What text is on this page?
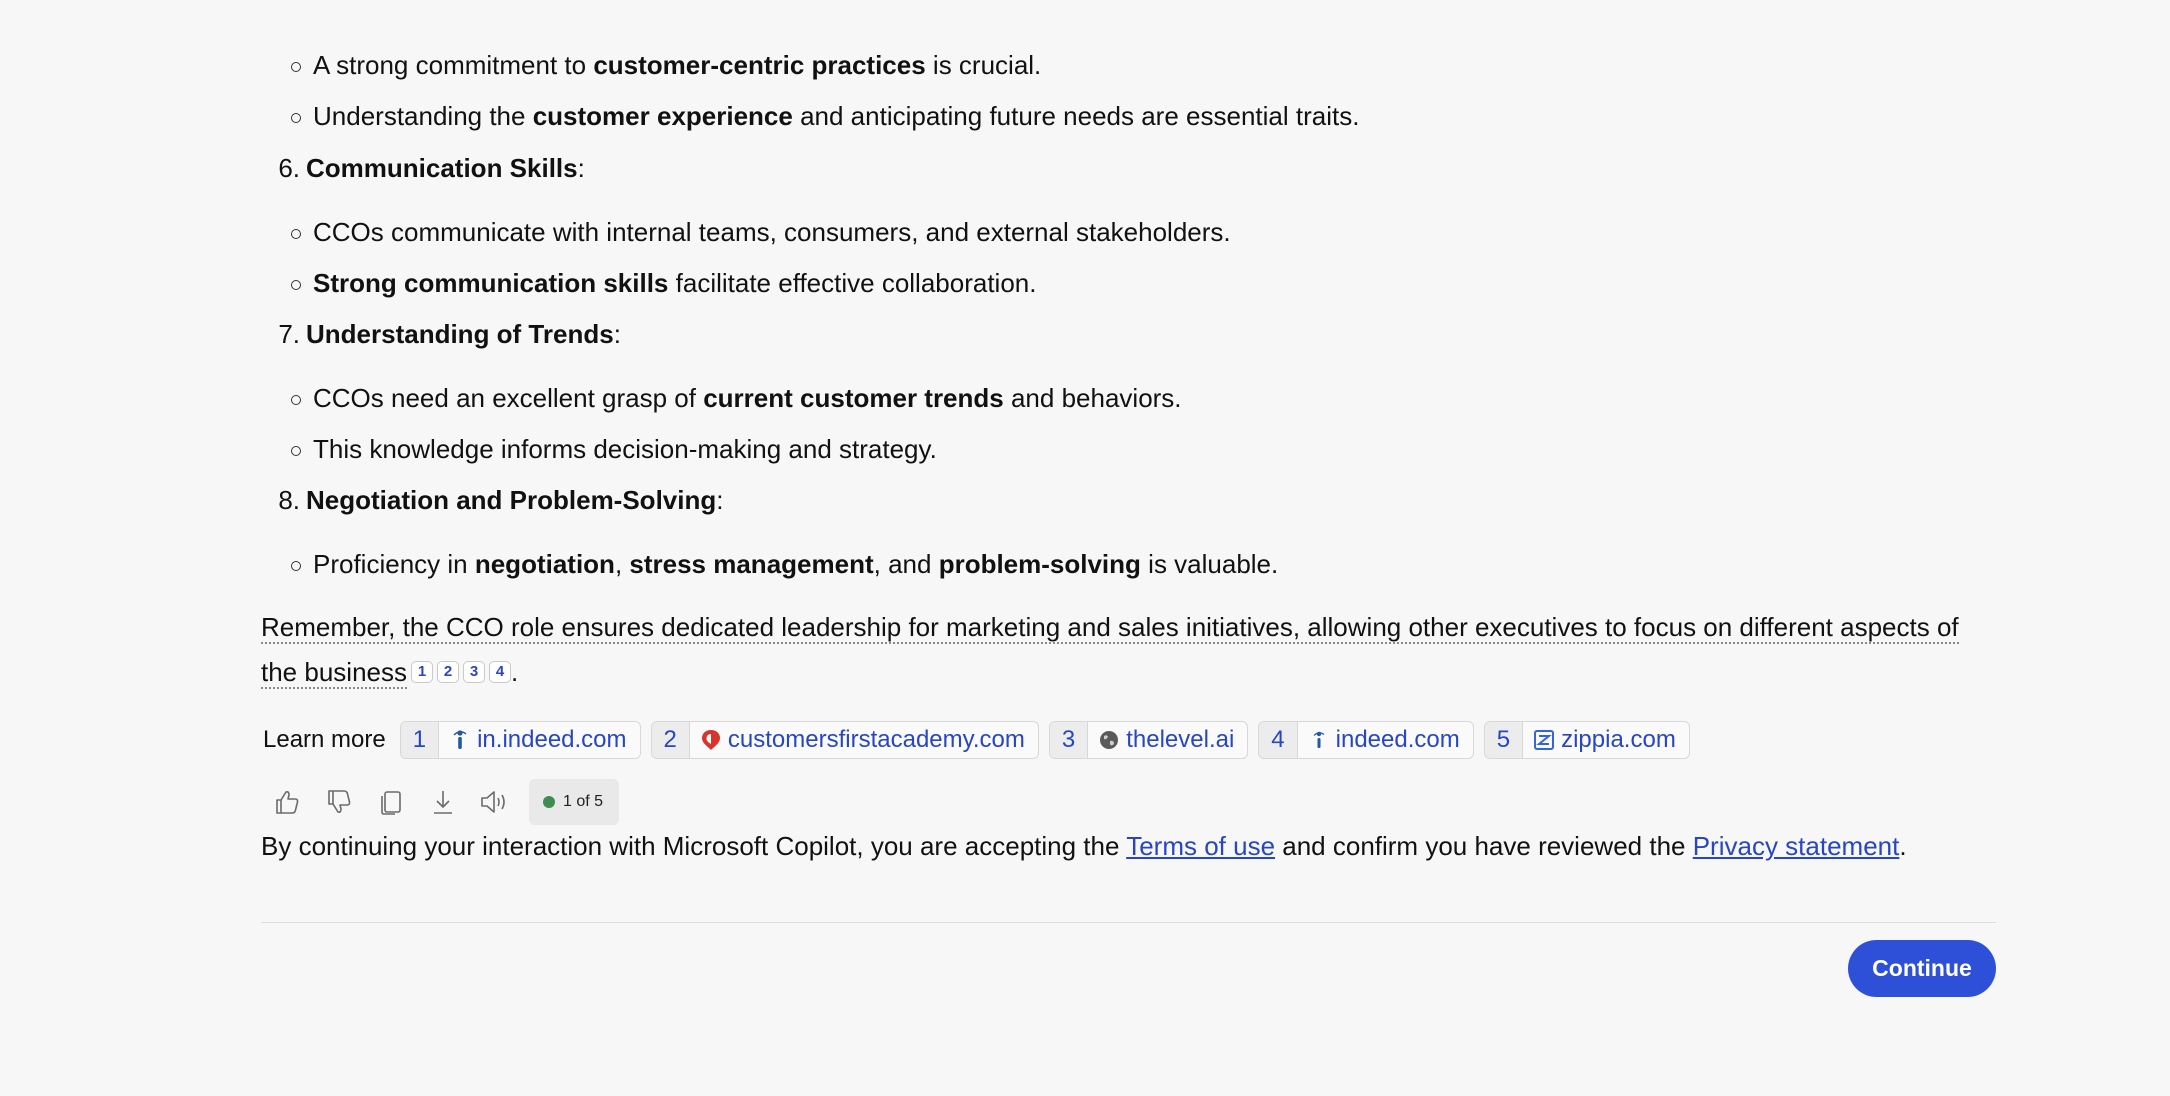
A strong commitment to customer-centric practices is crucial.
Understanding the customer experience and anticipating future needs are essential traits.
6. Communication Skills:
CCOs communicate with internal teams, consumers, and external stakeholders.
Strong communication skills facilitate effective collaboration.
7. Understanding of Trends:
CCOs need an excellent grasp of current customer trends and behaviors.
This knowledge informs decision-making and strategy.
8. Negotiation and Problem-Solving:
Proficiency in negotiation, stress management, and problem-solving is valuable.
Remember, the CCO role ensures dedicated leadership for marketing and sales initiatives, allowing other executives to focus on different aspects of the business 1 2 3 4 .
Learn more	1	in.indeed.com	2	customersfirstacademy.com	3	thelevel.ai	4	indeed.com	5	zippia.com
1 of 5
By continuing your interaction with Microsoft Copilot, you are accepting the Terms of use and confirm you have reviewed the Privacy statement.
Continue
